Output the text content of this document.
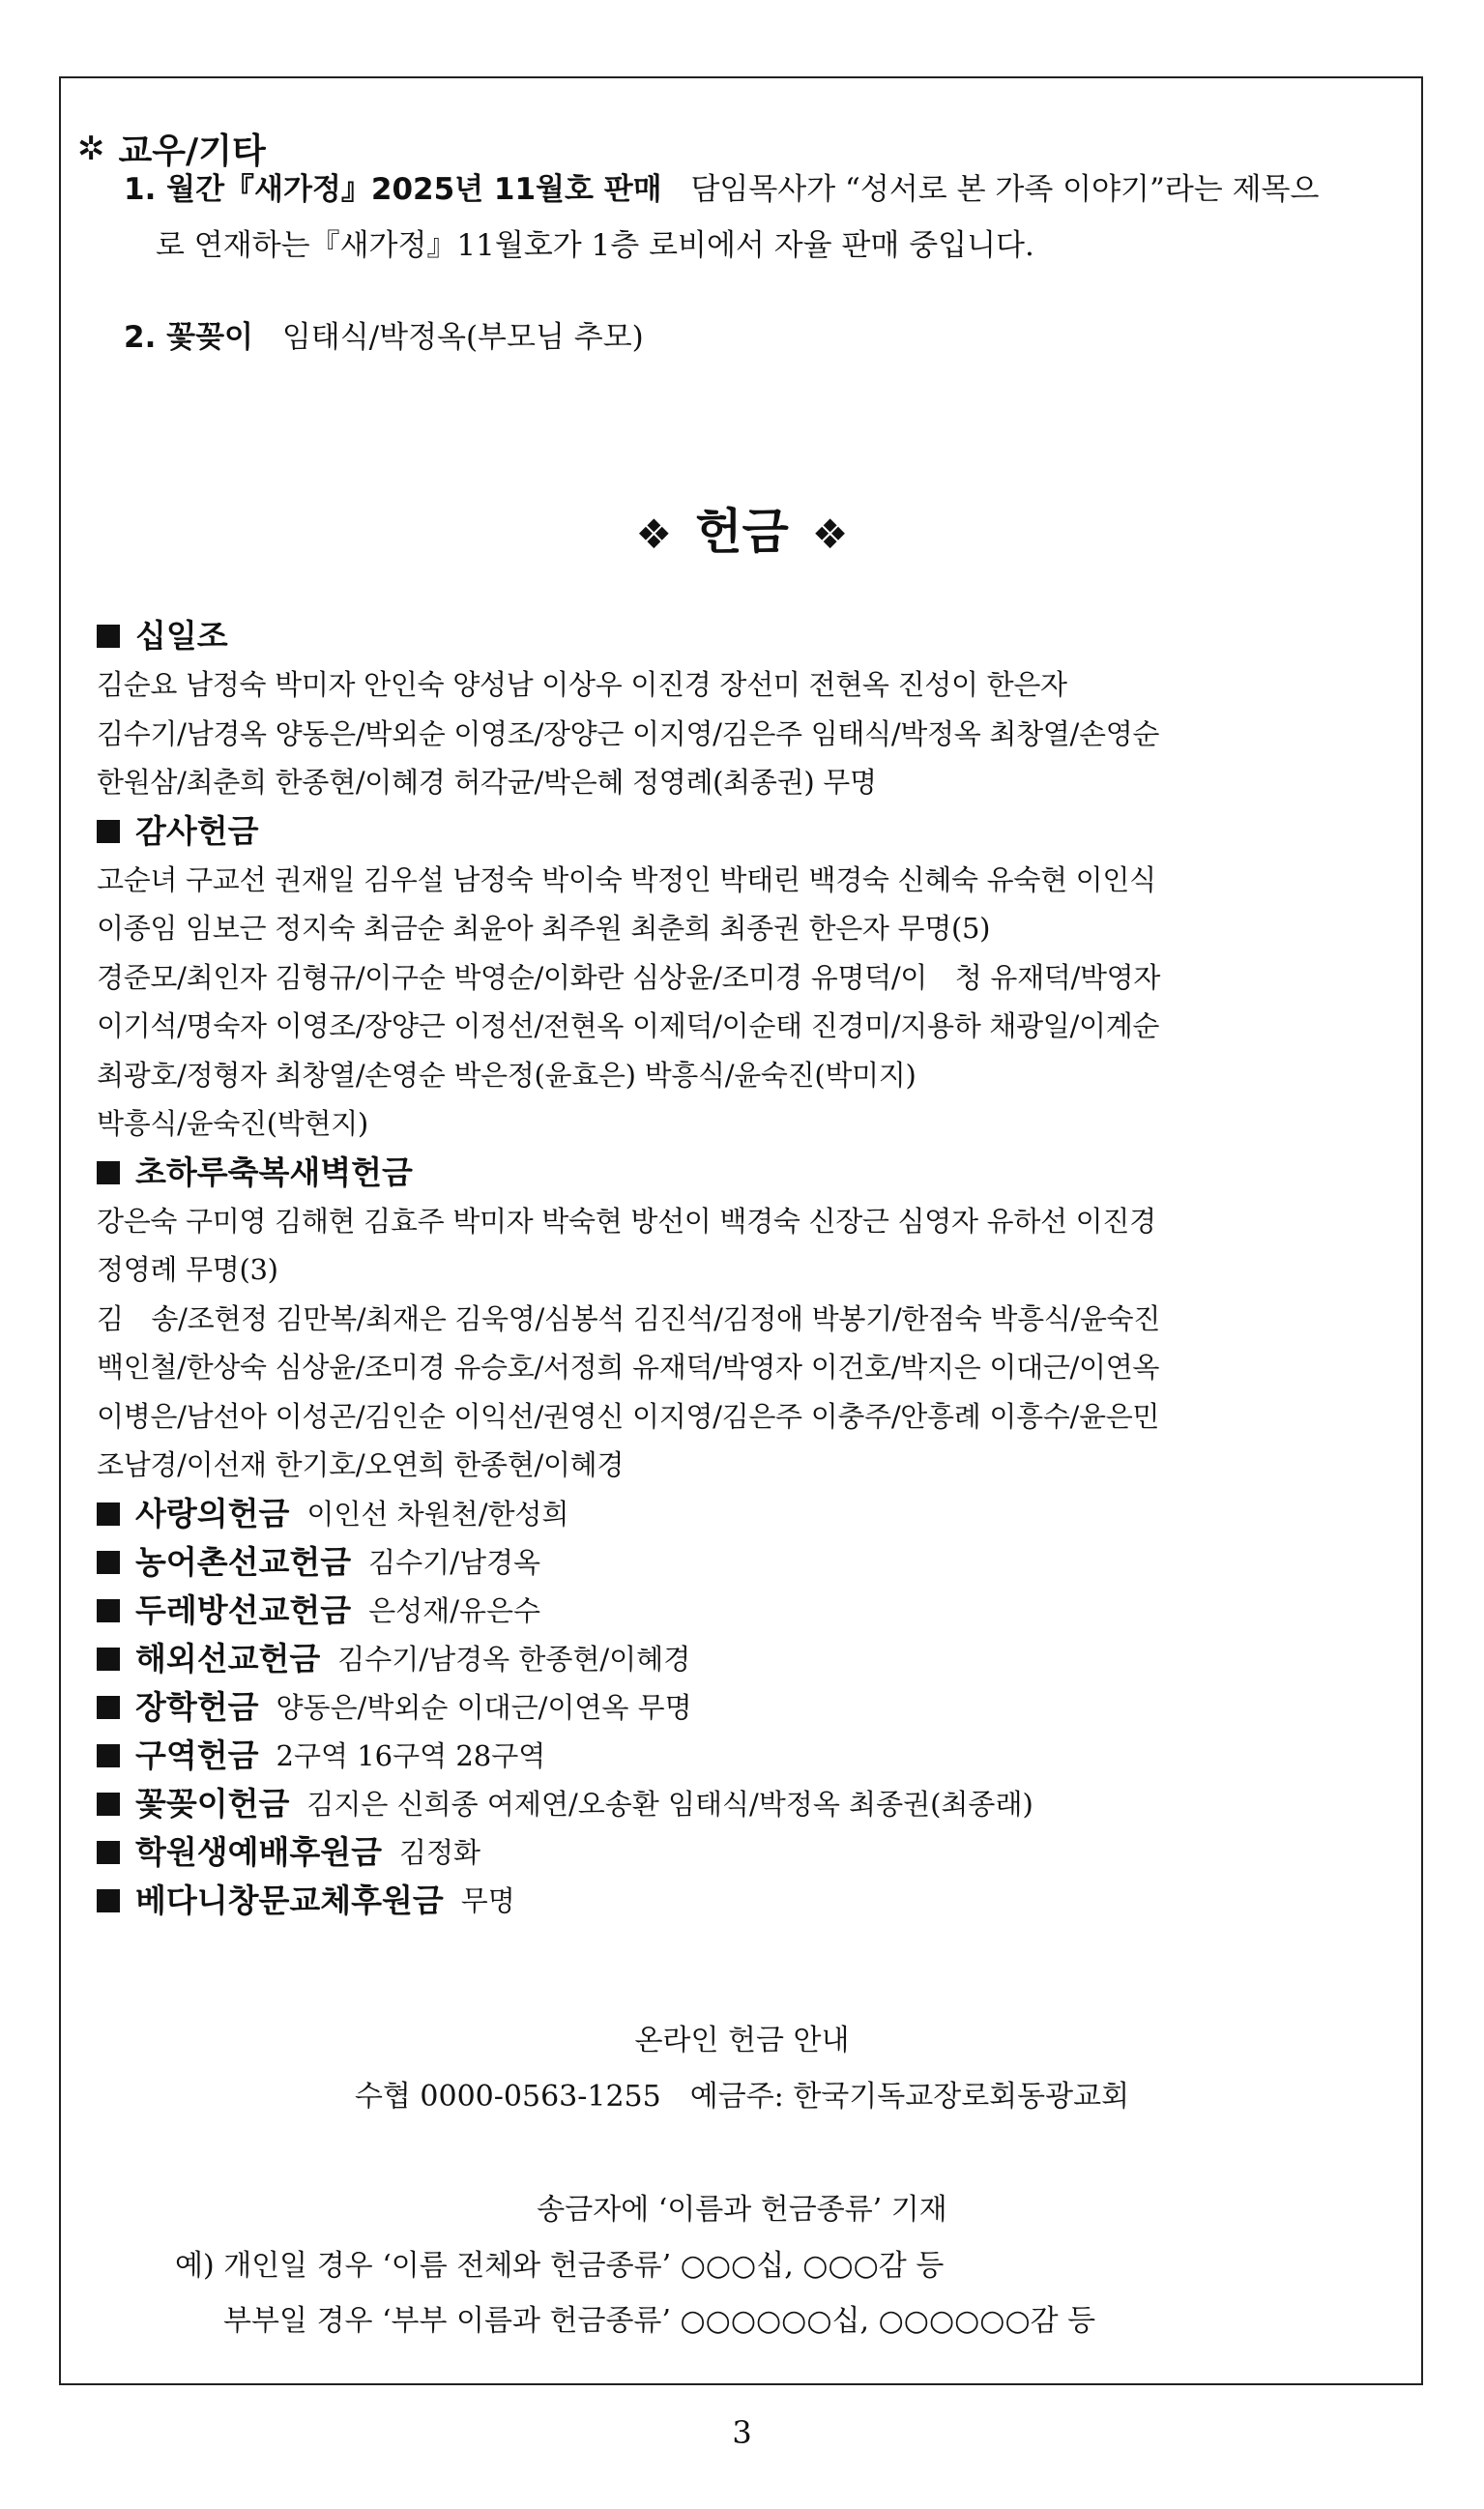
✲ 교우/기타
1. 월간『새가정』2025년 11월호 판매 담임목사가 “성서로 본 가족 이야기”라는 제목으
로 연재하는『새가정』11월호가 1층 로비에서 자율 판매 중입니다.
2. 꽃꽂이 임태식/박정옥(부모님 추모)
❖ 헌금 ❖
십일조
김순요 남정숙 박미자 안인숙 양성남 이상우 이진경 장선미 전현옥 진성이 한은자
김수기/남경옥 양동은/박외순 이영조/장양근 이지영/김은주 임태식/박정옥 최창열/손영순
한원삼/최춘희 한종현/이혜경 허각균/박은혜 정영례(최종권) 무명
감사헌금
고순녀 구교선 권재일 김우설 남정숙 박이숙 박정인 박태린 백경숙 신혜숙 유숙현 이인식
이종임 임보근 정지숙 최금순 최윤아 최주원 최춘희 최종권 한은자 무명(5)
경준모/최인자 김형규/이구순 박영순/이화란 심상윤/조미경 유명덕/이　청 유재덕/박영자
이기석/명숙자 이영조/장양근 이정선/전현옥 이제덕/이순태 진경미/지용하 채광일/이계순
최광호/정형자 최창열/손영순 박은정(윤효은) 박흥식/윤숙진(박미지)
박흥식/윤숙진(박현지)
초하루축복새벽헌금
강은숙 구미영 김해현 김효주 박미자 박숙현 방선이 백경숙 신장근 심영자 유하선 이진경
정영례 무명(3)
김　송/조현정 김만복/최재은 김욱영/심봉석 김진석/김정애 박봉기/한점숙 박흥식/윤숙진
백인철/한상숙 심상윤/조미경 유승호/서정희 유재덕/박영자 이건호/박지은 이대근/이연옥
이병은/남선아 이성곤/김인순 이익선/권영신 이지영/김은주 이충주/안흥례 이흥수/윤은민
조남경/이선재 한기호/오연희 한종현/이혜경
사랑의헌금 이인선 차원천/한성희
농어촌선교헌금 김수기/남경옥
두레방선교헌금 은성재/유은수
해외선교헌금 김수기/남경옥 한종현/이혜경
장학헌금 양동은/박외순 이대근/이연옥 무명
구역헌금 2구역 16구역 28구역
꽃꽂이헌금 김지은 신희종 여제연/오송환 임태식/박정옥 최종권(최종래)
학원생예배후원금 김정화
베다니창문교체후원금 무명
온라인 헌금 안내
수협 0000-0563-1255　예금주: 한국기독교장로회동광교회
송금자에 ‘이름과 헌금종류’ 기재
예) 개인일 경우 ‘이름 전체와 헌금종류’ ○○○십, ○○○감 등
부부일 경우 ‘부부 이름과 헌금종류’ ○○○○○○십, ○○○○○○감 등
3
